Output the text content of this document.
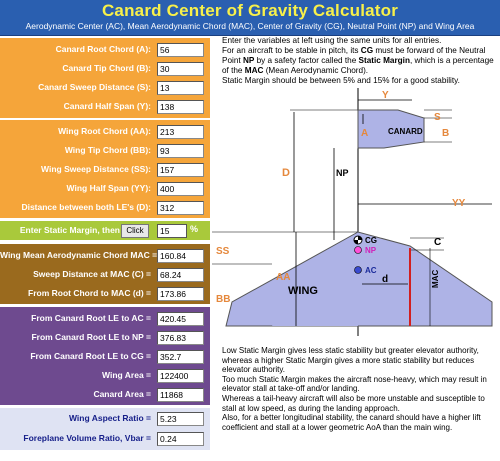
Canard Center of Gravity Calculator
Aerodynamic Center (AC), Mean Aerodynamic Chord (MAC), Center of Gravity (CG), Neutral Point (NP) and Wing Area
Canard Root Chord (A):
56
Canard Tip Chord (B):
30
Canard Sweep Distance (S):
13
Canard Half Span (Y):
138
Wing Root Chord (AA):
213
Wing Tip Chord (BB):
93
Wing Sweep Distance (SS):
157
Wing Half Span (YY):
400
Distance between both LE's (D):
312
Enter Static Margin, then Click
15	%
Wing Mean Aerodynamic Chord MAC =
160.84
Sweep Distance at MAC (C) =
68.24
From Root Chord to MAC (d) =
173.86
From Canard Root LE to AC =
420.45
From Canard Root LE to NP =
376.83
From Canard Root LE to CG =
352.7
Wing Area =
122400
Canard Area =
11868
Wing Aspect Ratio =
5.23
Foreplane Volume Ratio, Vbar =
0.24
Enter the variables at left using the same units for all entries.
For an aircraft to be stable in pitch, its CG must be forward of the Neutral Point NP by a safety factor called the Static Margin, which is a percentage of the MAC (Mean Aerodynamic Chord).
Static Margin should be between 5% and 15% for a good stability.
CANARD
Y
A
S
B
D	NP
YY
WING
SS
BB
AA
C
MAC
d
CG
NP
AC
Low Static Margin gives less static stability but greater elevator authority, whereas a higher Static Margin gives a more static stability but reduces elevator authority.
Too much Static Margin makes the aircraft nose-heavy, which may result in elevator stall at take-off and/or landing.
Whereas a tail-heavy aircraft will also be more unstable and susceptible to stall at low speed, as during the landing approach.
Also, for a better longitudinal stability, the canard should have a higher lift coefficient and stall at a lower geometric AoA than the main wing.
